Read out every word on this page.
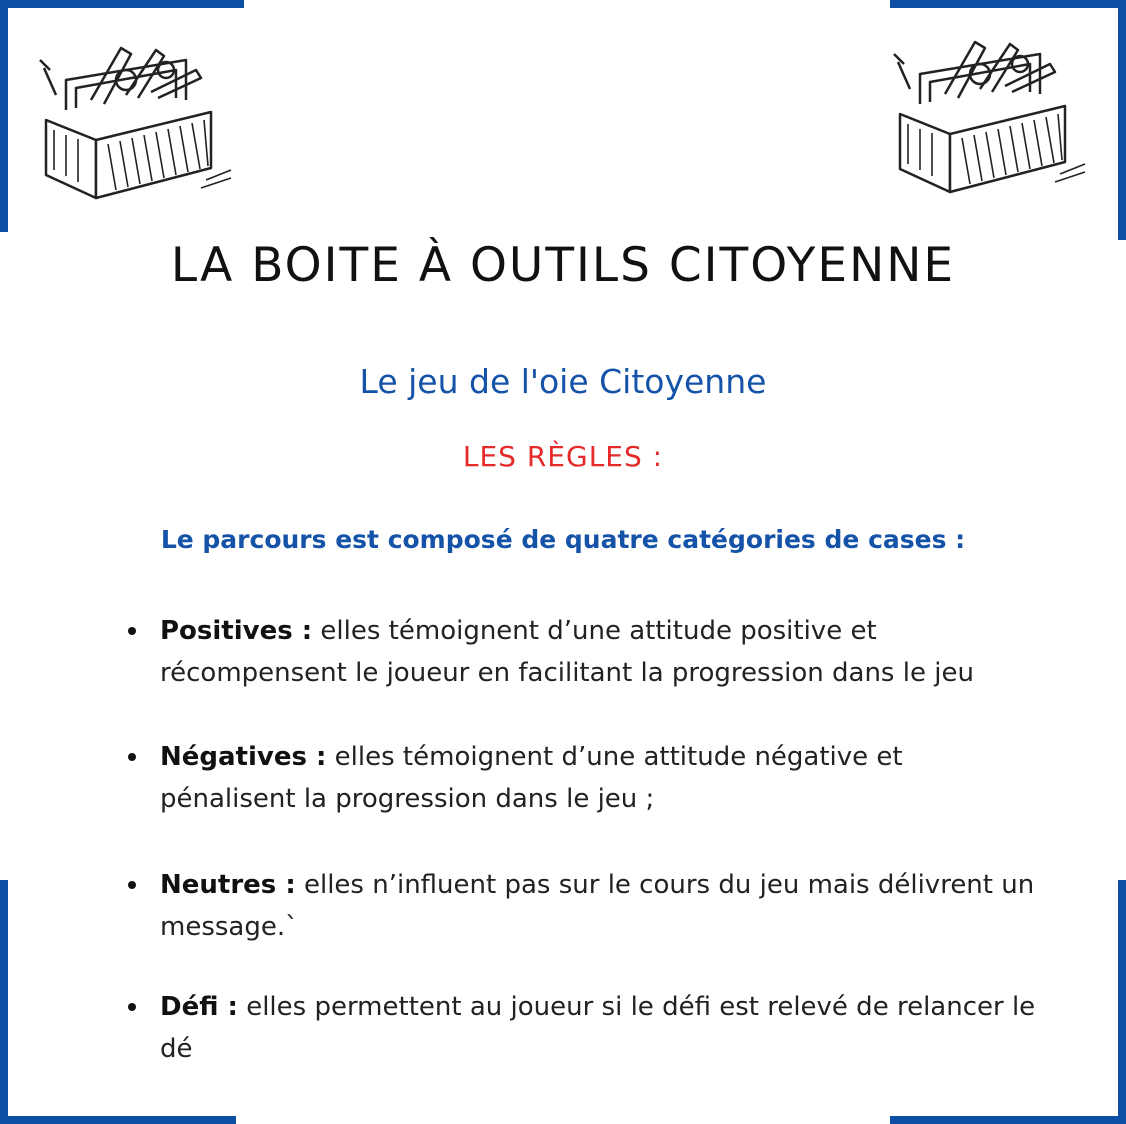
LA BOITE À OUTILS CITOYENNE
Le jeu de l'oie Citoyenne
LES RÈGLES :
Le parcours est composé de quatre catégories de cases :
Positives : elles témoignent d’une attitude positive et récompensent le joueur en facilitant la progression dans le jeu
Négatives : elles témoignent d’une attitude négative et pénalisent la progression dans le jeu ;
Neutres : elles n’influent pas sur le cours du jeu mais délivrent un message.`
Défi : elles permettent au joueur si le défi est relevé de relancer le dé
